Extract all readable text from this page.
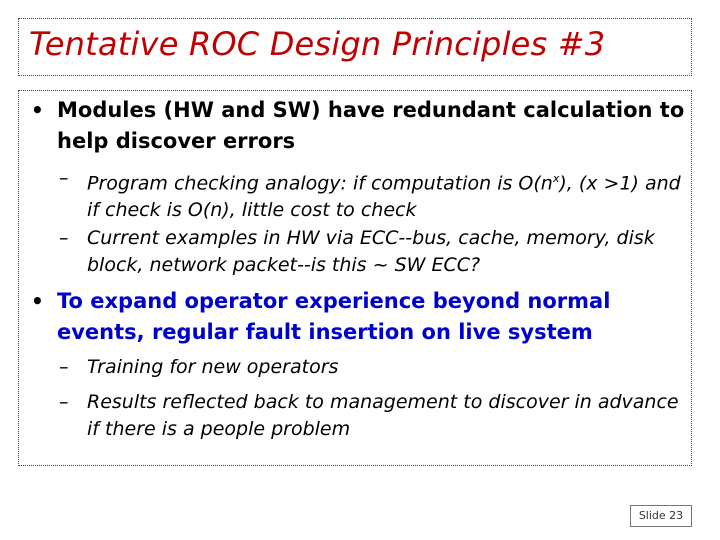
Tentative ROC Design Principles #3
• Modules (HW and SW) have redundant calculation to help discover errors
– Program checking analogy: if computation is $O(n^x)$, (x >1) and if check is O(n), little cost to check
– Current examples in HW via ECC--bus, cache, memory, disk block, network packet--is this ~ SW ECC?
• To expand operator experience beyond normal events, regular fault insertion on live system
– Training for new operators
– Results reflected back to management to discover in advance if there is a people problem
Slide 23
